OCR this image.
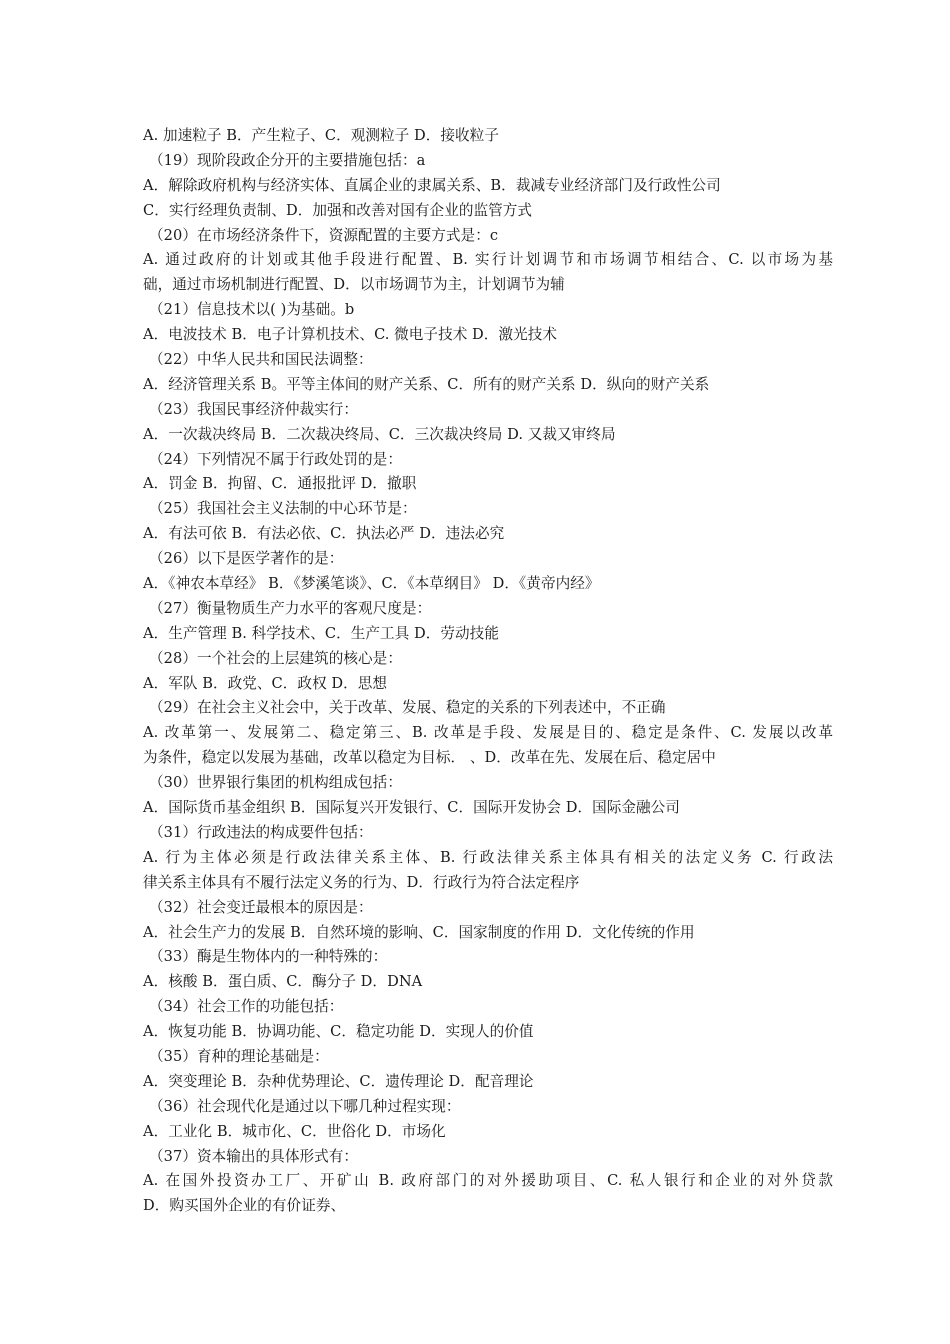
A. 加速粒子 B．产生粒子、C．观测粒子 D．接收粒子
（19）现阶段政企分开的主要措施包括：a
A．解除政府机构与经济实体、直属企业的隶属关系、B．裁减专业经济部门及行政性公司
C．实行经理负责制、D．加强和改善对国有企业的监管方式
（20）在市场经济条件下，资源配置的主要方式是：c
A. 通过政府的计划或其他手段进行配置、B. 实行计划调节和市场调节相结合、C. 以市场为基
础，通过市场机制进行配置、D．以市场调节为主，计划调节为辅
（21）信息技术以( )为基础。b
A．电波技术 B．电子计算机技术、C. 微电子技术 D．激光技术
（22）中华人民共和国民法调整：
A．经济管理关系 B。平等主体间的财产关系、C．所有的财产关系 D．纵向的财产关系
（23）我国民事经济仲裁实行：
A．一次裁决终局 B．二次裁决终局、C．三次裁决终局 D. 又裁又审终局
（24）下列情况不属于行政处罚的是：
A．罚金 B．拘留、C．通报批评 D．撤职
（25）我国社会主义法制的中心环节是：
A．有法可依 B．有法必依、C．执法必严 D．违法必究
（26）以下是医学著作的是：
A．《神农本草经》 B．《梦溪笔谈》、C．《本草纲目》 D．《黄帝内经》
（27）衡量物质生产力水平的客观尺度是：
A．生产管理 B. 科学技术、C．生产工具 D．劳动技能
（28）一个社会的上层建筑的核心是：
A．军队 B．政党、C．政权 D．思想
（29）在社会主义社会中，关于改革、发展、稳定的关系的下列表述中，不正确
A. 改革第一、发展第二、稳定第三、B. 改革是手段、发展是目的、稳定是条件、C. 发展以改革
为条件，稳定以发展为基础，改革以稳定为目标． 、D．改革在先、发展在后、稳定居中
（30）世界银行集团的机构组成包括：
A．国际货币基金组织 B．国际复兴开发银行、C．国际开发协会 D．国际金融公司
（31）行政违法的构成要件包括：
A. 行为主体必须是行政法律关系主体、B. 行政法律关系主体具有相关的法定义务 C. 行政法
律关系主体具有不履行法定义务的行为、D．行政行为符合法定程序
（32）社会变迁最根本的原因是：
A．社会生产力的发展 B．自然环境的影响、C．国家制度的作用 D．文化传统的作用
（33）酶是生物体内的一种特殊的：
A．核酸 B．蛋白质、C．酶分子 D．DNA
（34）社会工作的功能包括：
A．恢复功能 B．协调功能、C．稳定功能 D．实现人的价值
（35）育种的理论基础是：
A．突变理论 B．杂种优势理论、C．遗传理论 D．配音理论
（36）社会现代化是通过以下哪几种过程实现：
A．工业化 B．城市化、C．世俗化 D．市场化
（37）资本输出的具体形式有：
A. 在国外投资办工厂、开矿山 B. 政府部门的对外援助项目、C. 私人银行和企业的对外贷款
D．购买国外企业的有价证券、
